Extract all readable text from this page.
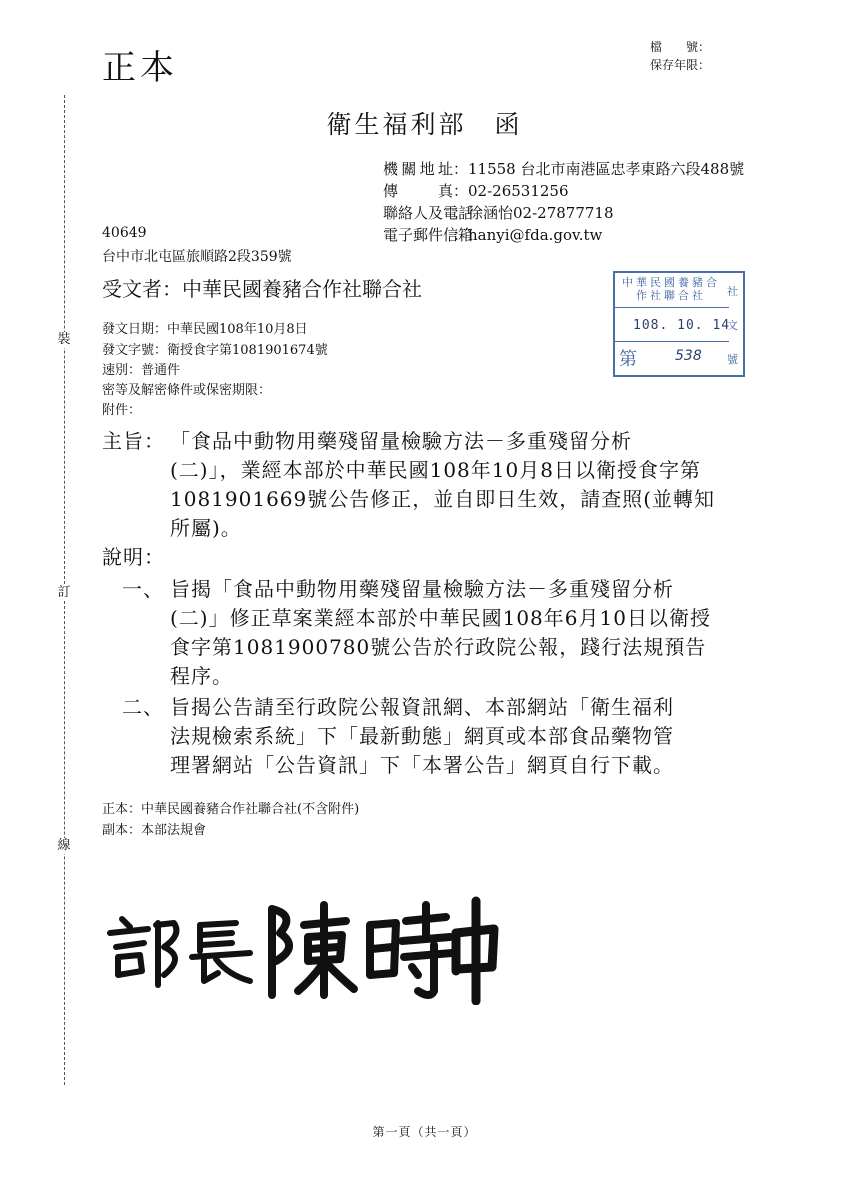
正本
檔　　號：
保存年限：
裝
訂
線
衛生福利部　函
機關地址：11558 台北市南港區忠孝東路六段488號
傳　　真：02-26531256
聯絡人及電話：徐涵怡02-27877718
電子郵件信箱：hanyi@fda.gov.tw
40649
台中市北屯區旅順路2段359號
受文者：中華民國養豬合作社聯合社
發文日期：中華民國108年10月8日
發文字號：衛授食字第1081901674號
速別：普通件
密等及解密條件或保密期限：
附件：
中華民國養豬合作社聯合社	社
文
號
108. 10. 14
第	538
主旨： 「食品中動物用藥殘留量檢驗方法－多重殘留分析
(二)」，業經本部於中華民國108年10月8日以衛授食字第
1081901669號公告修正，並自即日生效，請查照(並轉知
所屬)。
說明：
一、 旨揭「食品中動物用藥殘留量檢驗方法－多重殘留分析
(二)」修正草案業經本部於中華民國108年6月10日以衛授
食字第1081900780號公告於行政院公報，踐行法規預告
程序。
二、 旨揭公告請至行政院公報資訊網、本部網站「衛生福利
法規檢索系統」下「最新動態」網頁或本部食品藥物管
理署網站「公告資訊」下「本署公告」網頁自行下載。
正本：中華民國養豬合作社聯合社(不含附件)
副本：本部法規會
第一頁（共一頁）
